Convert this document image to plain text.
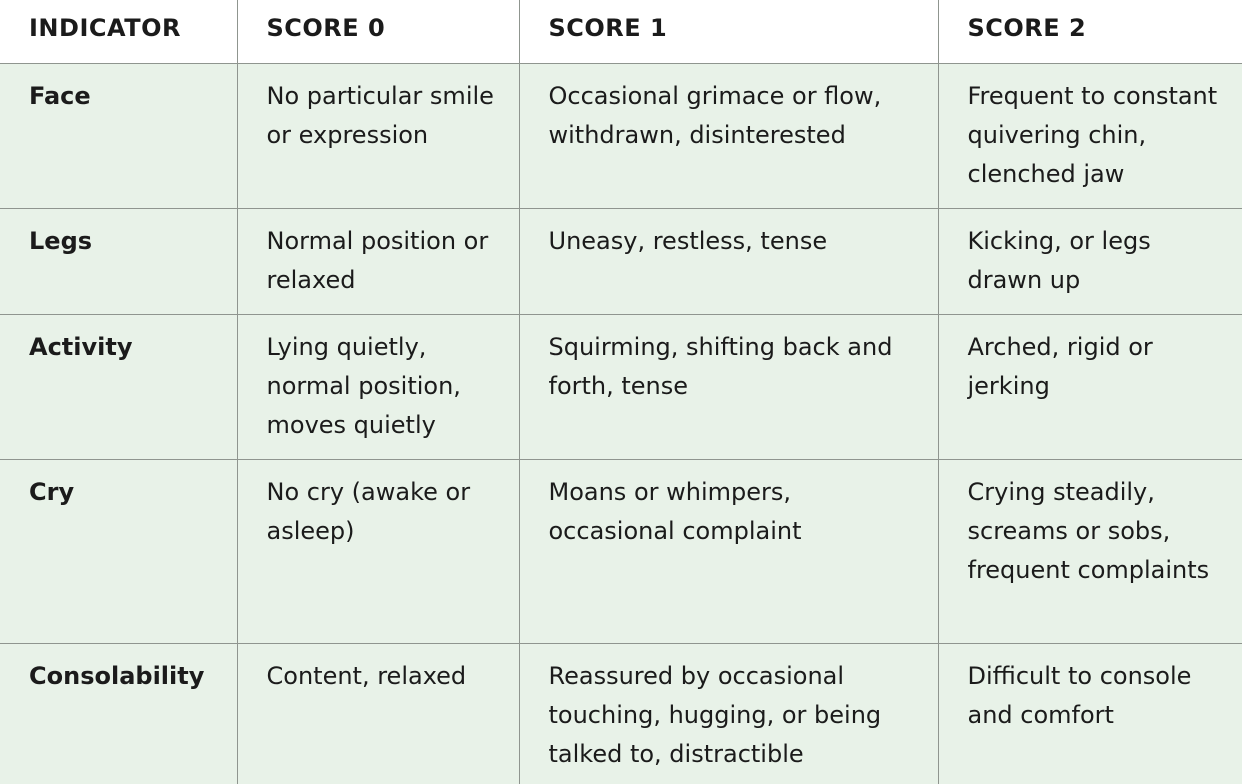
INDICATOR	SCORE 0	SCORE 1	SCORE 2

Face	No particular smile or expression	Occasional grimace or flow, withdrawn, disinterested	Frequent to constant quivering chin, clenched jaw

Legs	Normal position or relaxed	Uneasy, restless, tense	Kicking, or legs drawn up

Activity	Lying quietly, normal position, moves quietly	Squirming, shifting back and forth, tense	Arched, rigid or jerking

Cry	No cry (awake or asleep)	Moans or whimpers, occasional complaint	Crying steadily, screams or sobs, frequent complaints

Consolability	Content, relaxed	Reassured by occasional touching, hugging, or being talked to, distractible	Difficult to console and comfort
